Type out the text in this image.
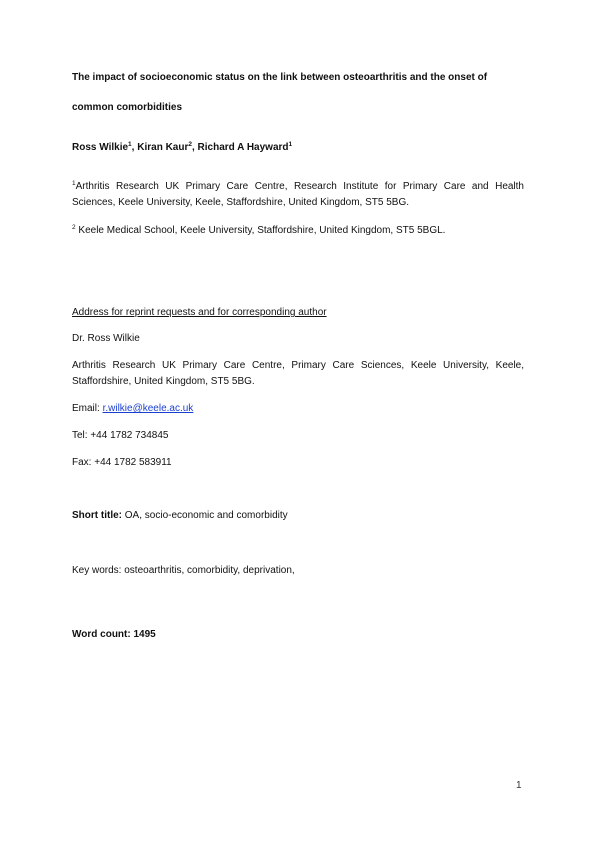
The impact of socioeconomic status on the link between osteoarthritis and the onset of

common comorbidities

Ross Wilkie$^1$, Kiran Kaur$^2$, Richard A Hayward$^1$

$^1$Arthritis Research UK Primary Care Centre, Research Institute for Primary Care and Health Sciences, Keele University, Keele, Staffordshire, United Kingdom, ST5 5BG.

$^2$ Keele Medical School, Keele University, Staffordshire, United Kingdom, ST5 5BGL.

Address for reprint requests and for corresponding author

Dr. Ross Wilkie

Arthritis Research UK Primary Care Centre, Primary Care Sciences, Keele University, Keele, Staffordshire, United Kingdom, ST5 5BG.

Email: r.wilkie@keele.ac.uk

Tel: +44 1782 734845

Fax: +44 1782 583911

Short title: OA, socio-economic and comorbidity

Key words: osteoarthritis, comorbidity, deprivation,

Word count: 1495

1
